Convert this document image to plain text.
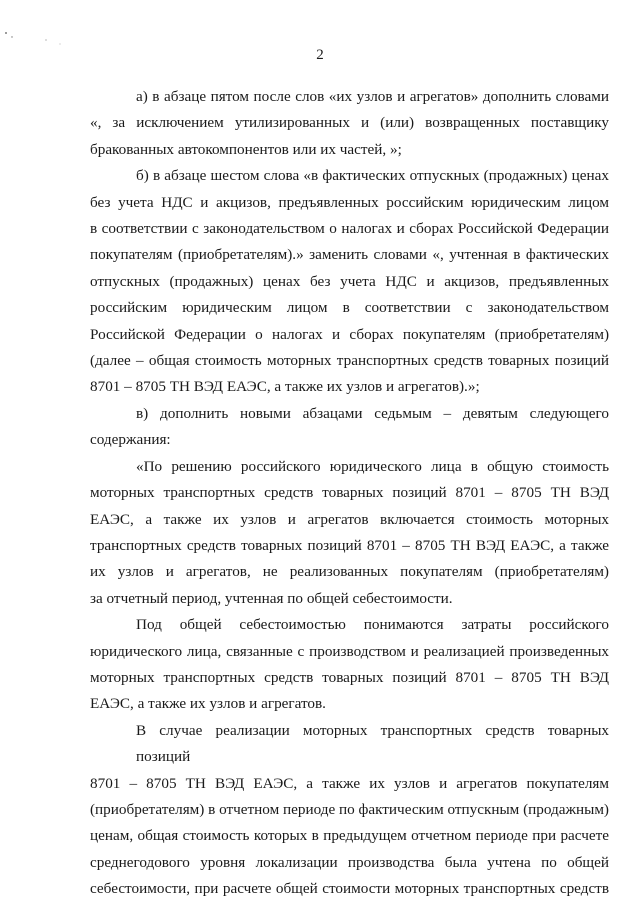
2

а) в абзаце пятом после слов «их узлов и агрегатов» дополнить словами
«, за исключением утилизированных и (или) возвращенных поставщику

бракованных автокомпонентов или их частей, »;

б) в абзаце шестом слова «в фактических отпускных (продажных) ценах
без учета НДС и акцизов, предъявленных российским юридическим лицом
в соответствии с законодательством о налогах и сборах Российской Федерации
покупателям (приобретателям).» заменить словами «, учтенная в фактических
отпускных (продажных) ценах без учета НДС и акцизов, предъявленных
российским юридическим лицом в соответствии с законодательством
Российской Федерации о налогах и сборах покупателям (приобретателям)
(далее – общая стоимость моторных транспортных средств товарных позиций

8701 – 8705 ТН ВЭД ЕАЭС, а также их узлов и агрегатов).»;

в) дополнить новыми абзацами седьмым – девятым следующего

содержания:

«По решению российского юридического лица в общую стоимость
моторных транспортных средств товарных позиций 8701 – 8705 ТН ВЭД
ЕАЭС, а также их узлов и агрегатов включается стоимость моторных
транспортных средств товарных позиций 8701 – 8705 ТН ВЭД ЕАЭС, а также
их узлов и агрегатов, не реализованных покупателям (приобретателям)

за отчетный период, учтенная по общей себестоимости.

Под общей себестоимостью понимаются затраты российского
юридического лица, связанные с производством и реализацией произведенных
моторных транспортных средств товарных позиций 8701 – 8705 ТН ВЭД

ЕАЭС, а также их узлов и агрегатов.

В случае реализации моторных транспортных средств товарных позиций
8701 – 8705 ТН ВЭД ЕАЭС, а также их узлов и агрегатов покупателям
(приобретателям) в отчетном периоде по фактическим отпускным (продажным)
ценам, общая стоимость которых в предыдущем отчетном периоде при расчете
среднегодового уровня локализации производства была учтена по общей
себестоимости, при расчете общей стоимости моторных транспортных средств
